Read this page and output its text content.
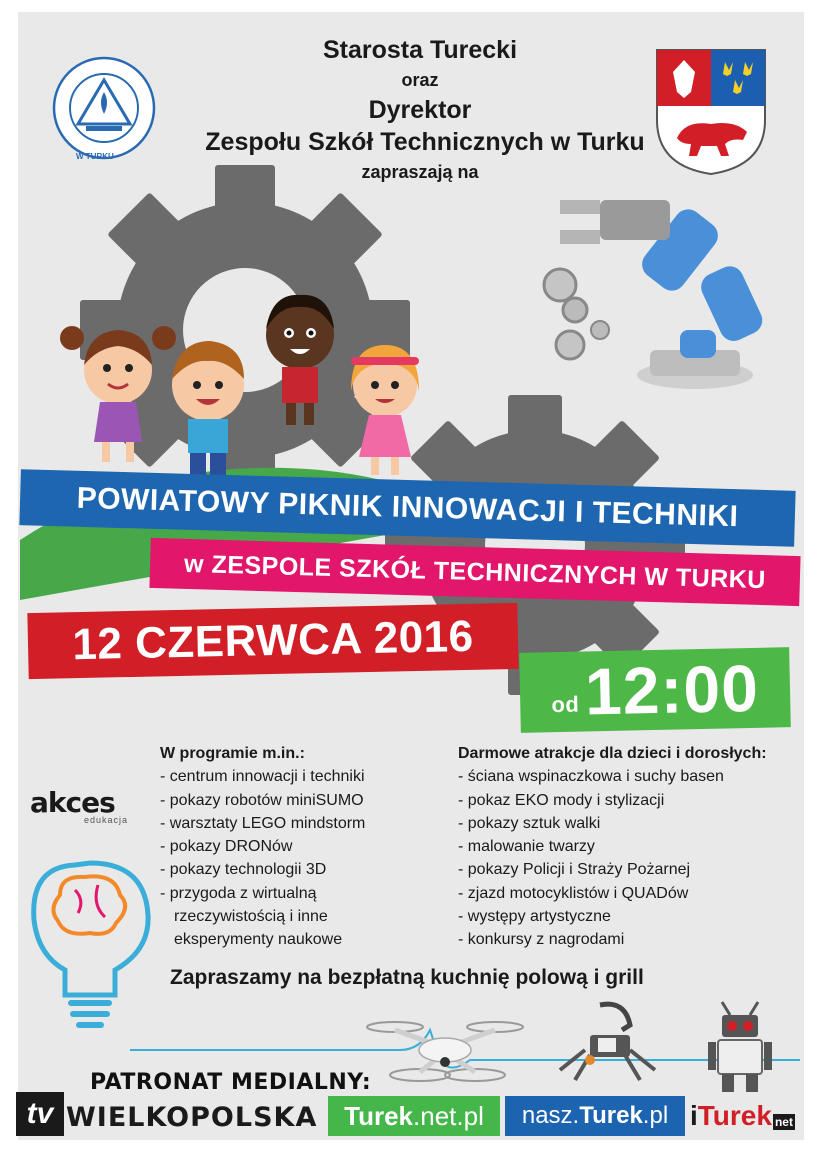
W TURKU
Starosta Turecki
oraz
Dyrektor
Zespołu Szkół Technicznych w Turku
zapraszają na
POWIATOWY PIKNIK INNOWACJI I TECHNIKI
w ZESPOLE SZKÓŁ TECHNICZNYCH W TURKU
12 CZERWCA 2016
od 12:00
akces
edukacja
W programie m.in.:
- centrum innowacji i techniki
- pokazy robotów miniSUMO
- warsztaty LEGO mindstorm
- pokazy DRONów
- pokazy technologii 3D
- przygoda z wirtualną
rzeczywistością i inne
eksperymenty naukowe
Darmowe atrakcje dla dzieci i dorosłych:
- ściana wspinaczkowa i suchy basen
- pokaz EKO mody i stylizacji
- pokazy sztuk walki
- malowanie twarzy
- pokazy Policji i Straży Pożarnej
- zjazd motocyklistów i QUADów
- występy artystyczne
- konkursy z nagrodami
Zapraszamy na bezpłatną kuchnię polową i grill
PATRONAT MEDIALNY:
tv WIELKOPOLSKA Turek .net.pl nasz. Turek .pl i Turek net
